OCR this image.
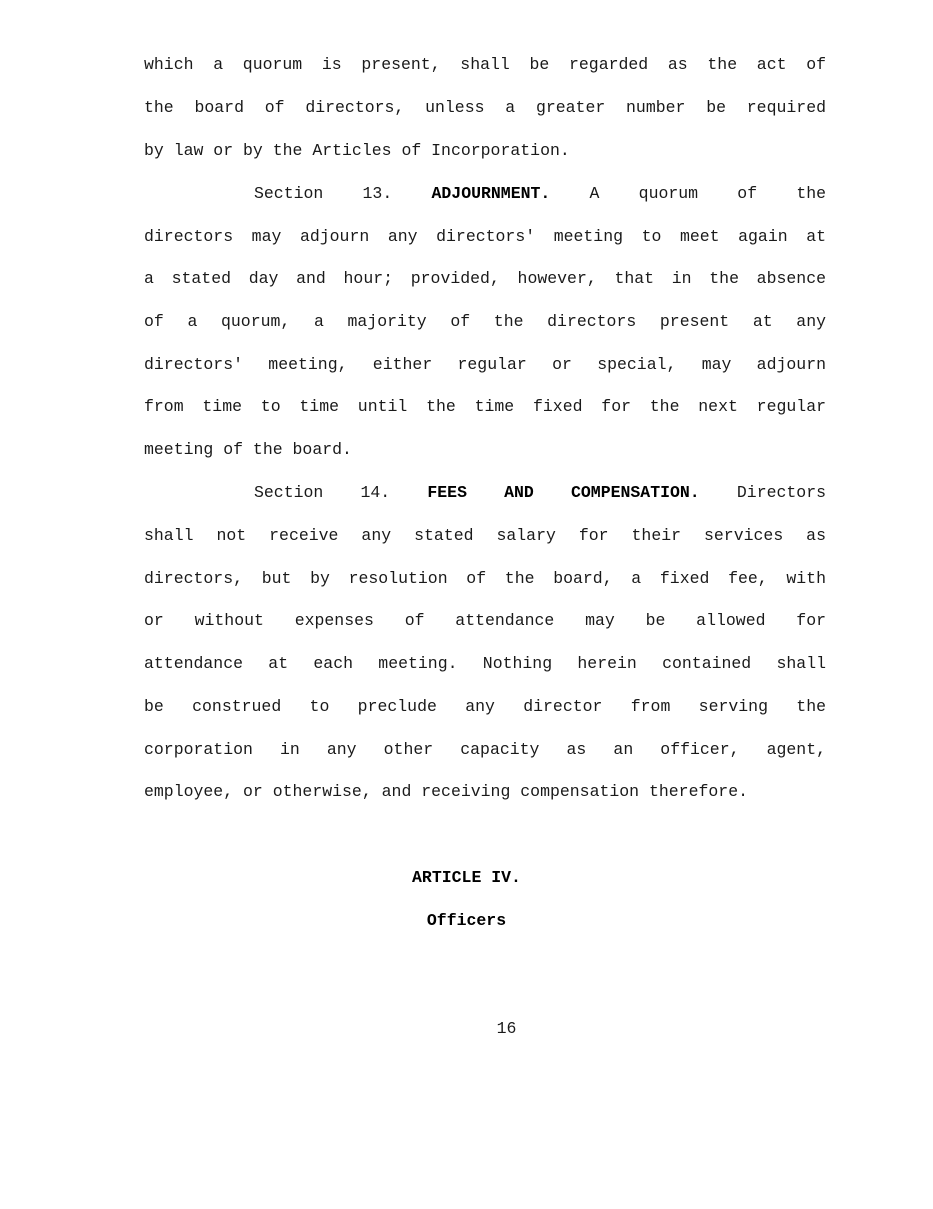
which a quorum is present, shall be regarded as the act of
the board of directors, unless a greater number be required
by law or by the Articles of Incorporation.
Section 13. ADJOURNMENT. A quorum of the
directors may adjourn any directors' meeting to meet again at
a stated day and hour; provided, however, that in the absence
of a quorum, a majority of the directors present at any
directors' meeting, either regular or special, may adjourn
from time to time until the time fixed for the next regular
meeting of the board.
Section 14. FEES AND COMPENSATION. Directors
shall not receive any stated salary for their services as
directors, but by resolution of the board, a fixed fee, with
or without expenses of attendance may be allowed for
attendance at each meeting. Nothing herein contained shall
be construed to preclude any director from serving the
corporation in any other capacity as an officer, agent,
employee, or otherwise, and receiving compensation therefore.
ARTICLE IV.
Officers
16
